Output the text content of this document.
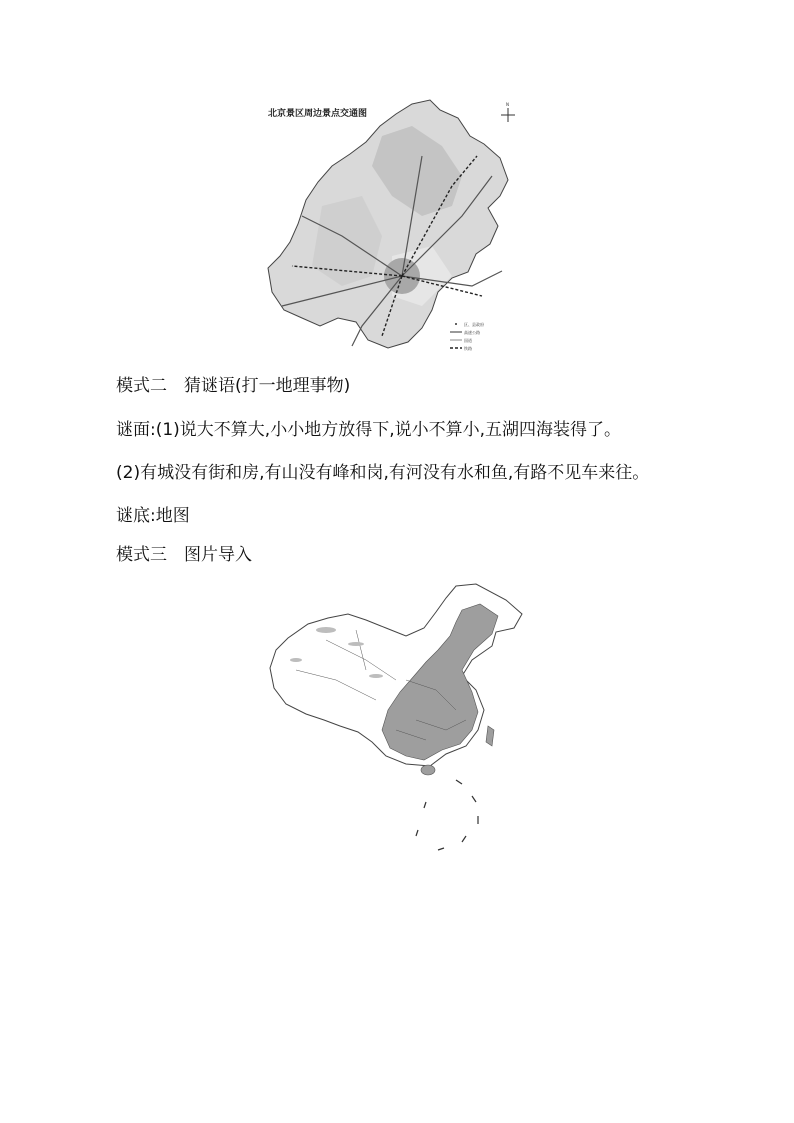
北京景区周边景点交通图
N
区、县政府
高速公路
国道
铁路
模式二　猜谜语(打一地理事物)
谜面:(1)说大不算大,小小地方放得下,说小不算小,五湖四海装得了。
(2)有城没有街和房,有山没有峰和岗,有河没有水和鱼,有路不见车来往。
谜底:地图
模式三　图片导入
